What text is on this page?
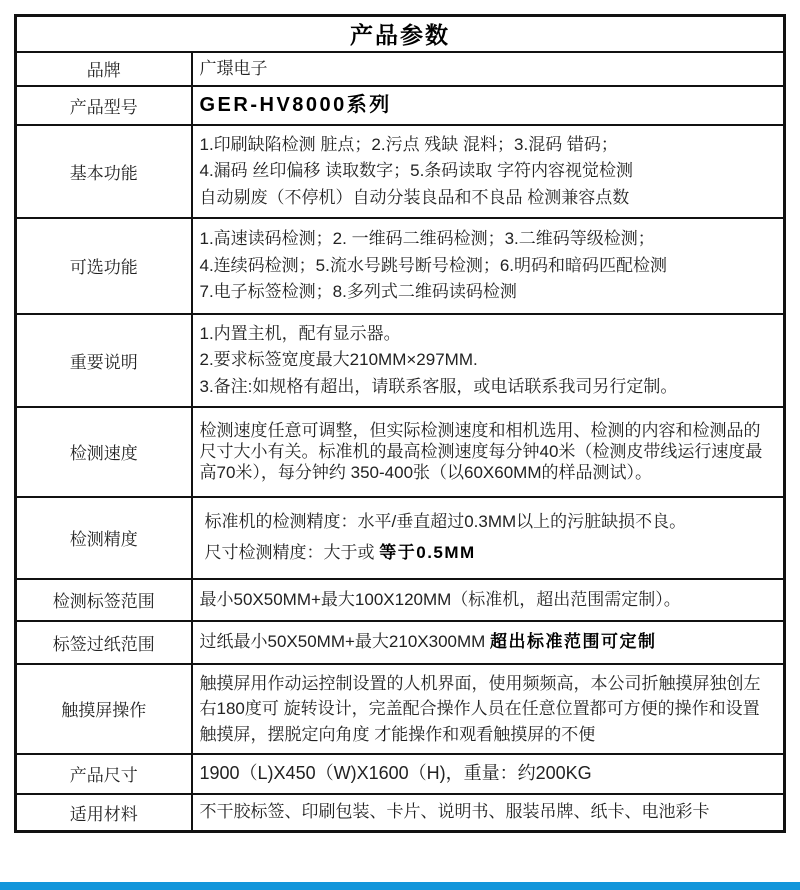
产品参数	
品牌	广璟电子
产品型号	GER-HV8000系列
基本功能	1.印刷缺陷检测 脏点；2.污点 残缺 混料；3.混码 错码；
4.漏码 丝印偏移 读取数字；5.条码读取 字符内容视觉检测
自动剔废（不停机）自动分装良品和不良品 检测兼容点数

可选功能	1.高速读码检测；2. 一维码二维码检测；3.二维码等级检测；
4.连续码检测；5.流水号跳号断号检测；6.明码和暗码匹配检测
7.电子标签检测；8.多列式二维码读码检测

重要说明	1.内置主机，配有显示器。
2.要求标签宽度最大210MM×297MM.
3.备注:如规格有超出，请联系客服，或电话联系我司另行定制。

检测速度	检测速度任意可调整，但实际检测速度和相机选用、检测的内容和检测品的尺寸大小有关。标准机的最高检测速度每分钟40米（检测皮带线运行速度最高70米），每分钟约 350-400张（以60X60MM的样品测试）。
检测精度	标准机的检测精度：水平/垂直超过0.3MM以上的污脏缺损不良。
尺寸检测精度：大于或 等于0.5MM

检测标签范围	最小50X50MM+最大100X120MM（标准机，超出范围需定制）。
标签过纸范围	过纸最小50X50MM+最大210X300MM 超出标准范围可定制
触摸屏操作	触摸屏用作动运控制设置的人机界面，使用频频高，本公司折触摸屏独创左右180度可 旋转设计，完盖配合操作人员在任意位置都可方便的操作和设置触摸屏，摆脱定向角度 才能操作和观看触摸屏的不便
产品尺寸	1900（L)X450（W)X1600（H)，重量：约200KG
适用材料	不干胶标签、印刷包装、卡片、说明书、服装吊牌、纸卡、电池彩卡
